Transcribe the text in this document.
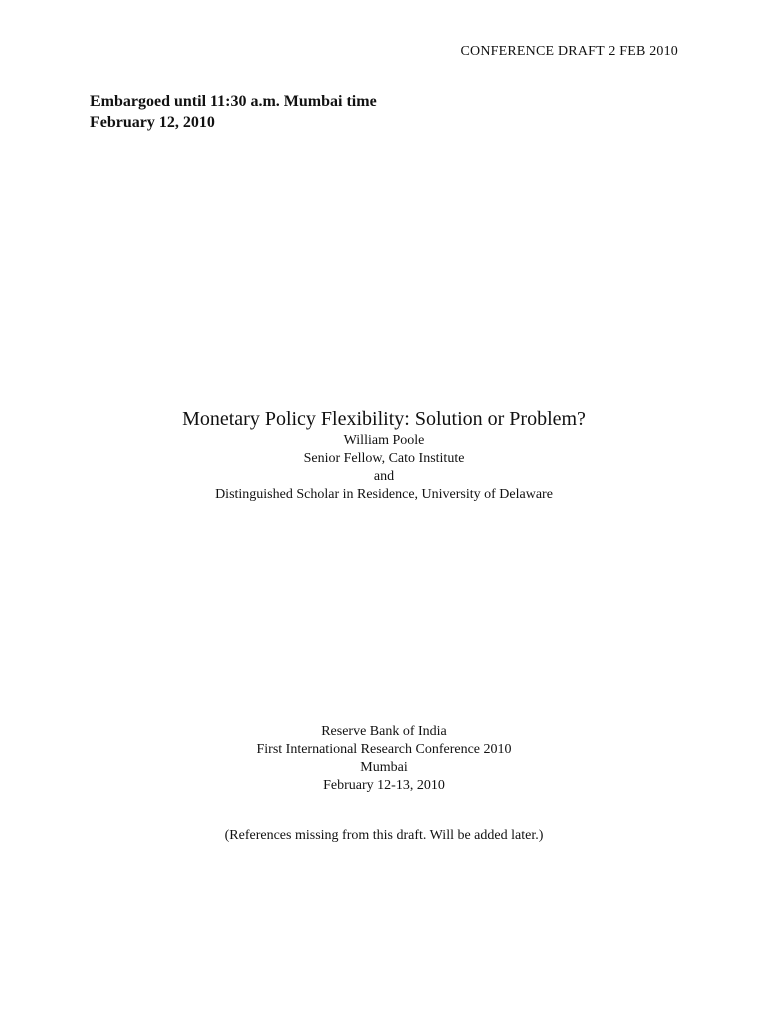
CONFERENCE DRAFT 2 FEB 2010
Embargoed until 11:30 a.m. Mumbai time
February 12, 2010
Monetary Policy Flexibility: Solution or Problem?
William Poole
Senior Fellow, Cato Institute
and
Distinguished Scholar in Residence, University of Delaware
Reserve Bank of India
First International Research Conference 2010
Mumbai
February 12-13, 2010
(References missing from this draft. Will be added later.)
